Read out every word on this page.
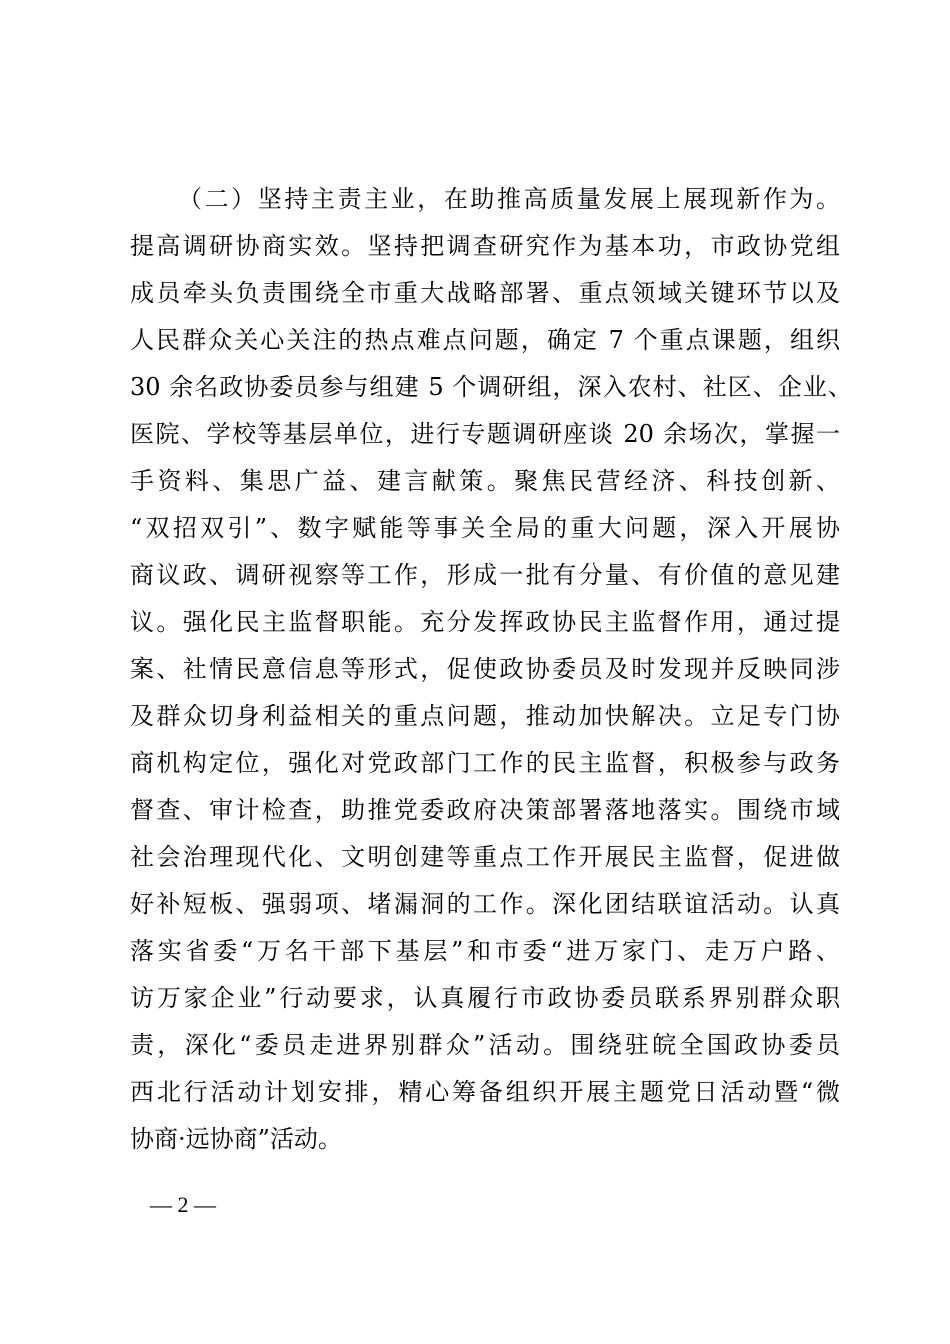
（二）坚持主责主业，在助推高质量发展上展现新作为。
提高调研协商实效。坚持把调查研究作为基本功，市政协党组
成员牵头负责围绕全市重大战略部署、重点领域关键环节以及
人民群众关心关注的热点难点问题，确定 7 个重点课题，组织
30 余名政协委员参与组建 5 个调研组，深入农村、社区、企业、
医院、学校等基层单位，进行专题调研座谈 20 余场次，掌握一
手资料、集思广益、建言献策。聚焦民营经济、科技创新、
“双招双引”、数字赋能等事关全局的重大问题，深入开展协
商议政、调研视察等工作，形成一批有分量、有价值的意见建
议。强化民主监督职能。充分发挥政协民主监督作用，通过提
案、社情民意信息等形式，促使政协委员及时发现并反映同涉
及群众切身利益相关的重点问题，推动加快解决。立足专门协
商机构定位，强化对党政部门工作的民主监督，积极参与政务
督查、审计检查，助推党委政府决策部署落地落实。围绕市域
社会治理现代化、文明创建等重点工作开展民主监督，促进做
好补短板、强弱项、堵漏洞的工作。深化团结联谊活动。认真
落实省委“万名干部下基层”和市委“进万家门、走万户路、
访万家企业”行动要求，认真履行市政协委员联系界别群众职
责，深化“委员走进界别群众”活动。围绕驻皖全国政协委员
西北行活动计划安排，精心筹备组织开展主题党日活动暨“微
协商·远协商”活动。
— 2 —
